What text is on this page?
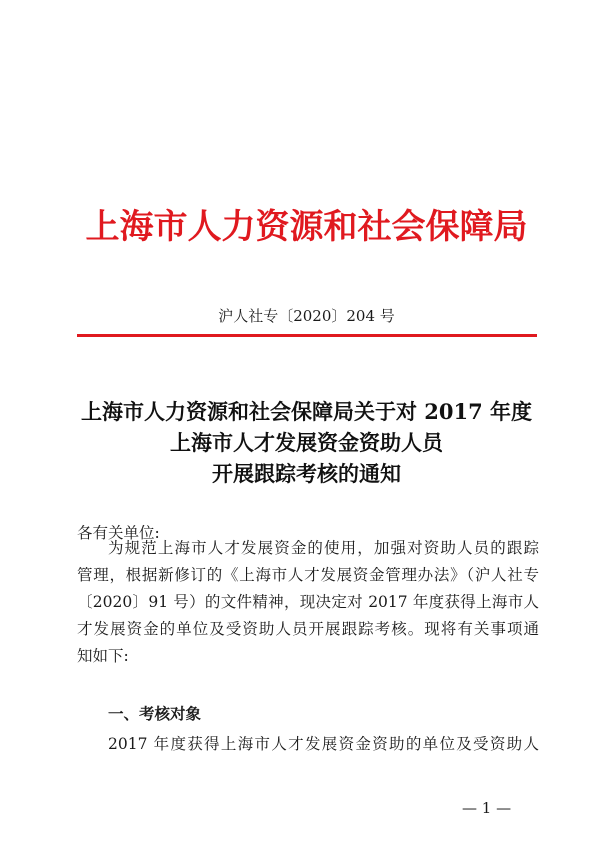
上海市人力资源和社会保障局
沪人社专〔2020〕204 号
上海市人力资源和社会保障局关于对 2017 年度
上海市人才发展资金资助人员
开展跟踪考核的通知
各有关单位:
为规范上海市人才发展资金的使用，加强对资助人员的跟踪
管理，根据新修订的《上海市人才发展资金管理办法》（沪人社专
〔2020〕91 号）的文件精神，现决定对 2017 年度获得上海市人
才发展资金的单位及受资助人员开展跟踪考核。现将有关事项通
知如下:
一、考核对象
2017 年度获得上海市人才发展资金资助的单位及受资助人
— 1 —
